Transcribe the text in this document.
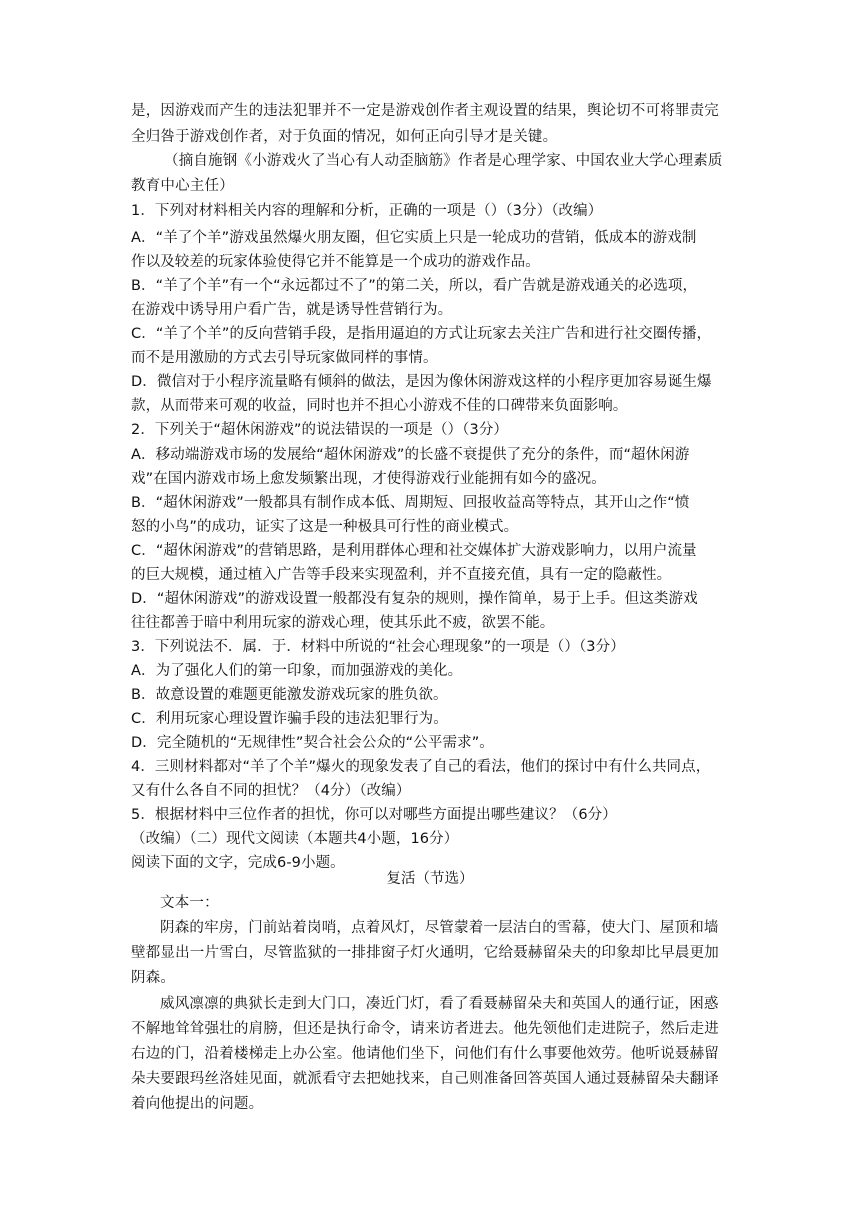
是，因游戏而产生的违法犯罪并不一定是游戏创作者主观设置的结果，舆论切不可将罪责完
全归咎于游戏创作者，对于负面的情况，如何正向引导才是关键。
（摘自施钢《小游戏火了当心有人动歪脑筋》作者是心理学家、中国农业大学心理素质
教育中心主任）
1．下列对材料相关内容的理解和分析，正确的一项是（）（3分）（改编）
A．“羊了个羊”游戏虽然爆火朋友圈，但它实质上只是一轮成功的营销，低成本的游戏制
作以及较差的玩家体验使得它并不能算是一个成功的游戏作品。
B．“羊了个羊”有一个“永远都过不了”的第二关，所以，看广告就是游戏通关的必选项，
在游戏中诱导用户看广告，就是诱导性营销行为。
C．“羊了个羊”的反向营销手段，是指用逼迫的方式让玩家去关注广告和进行社交圈传播，
而不是用激励的方式去引导玩家做同样的事情。
D．微信对于小程序流量略有倾斜的做法，是因为像休闲游戏这样的小程序更加容易诞生爆
款，从而带来可观的收益，同时也并不担心小游戏不佳的口碑带来负面影响。
2．下列关于“超休闲游戏”的说法错误的一项是（）（3分）
A．移动端游戏市场的发展给“超休闲游戏”的长盛不衰提供了充分的条件，而“超休闲游
戏”在国内游戏市场上愈发频繁出现，才使得游戏行业能拥有如今的盛况。
B．“超休闲游戏”一般都具有制作成本低、周期短、回报收益高等特点，其开山之作“愤
怒的小鸟”的成功，证实了这是一种极具可行性的商业模式。
C．“超休闲游戏”的营销思路，是利用群体心理和社交媒体扩大游戏影响力，以用户流量
的巨大规模，通过植入广告等手段来实现盈利，并不直接充值，具有一定的隐蔽性。
D．“超休闲游戏”的游戏设置一般都没有复杂的规则，操作简单，易于上手。但这类游戏
往往都善于暗中利用玩家的游戏心理，使其乐此不疲，欲罢不能。
3．下列说法不．属．于．材料中所说的“社会心理现象”的一项是（）（3分）
A．为了强化人们的第一印象，而加强游戏的美化。
B．故意设置的难题更能激发游戏玩家的胜负欲。
C．利用玩家心理设置诈骗手段的违法犯罪行为。
D．完全随机的“无规律性”契合社会公众的“公平需求”。
4．三则材料都对“羊了个羊”爆火的现象发表了自己的看法，他们的探讨中有什么共同点，
又有什么各自不同的担忧？（4分）（改编）
5．根据材料中三位作者的担忧，你可以对哪些方面提出哪些建议？（6分）
（改编）（二）现代文阅读（本题共4小题，16分）
阅读下面的文字，完成6-9小题。
复活（节选）
文本一：
阴森的牢房，门前站着岗哨，点着风灯，尽管蒙着一层洁白的雪幕，使大门、屋顶和墙
壁都显出一片雪白，尽管监狱的一排排窗子灯火通明，它给聂赫留朵夫的印象却比早晨更加
阴森。
威风凛凛的典狱长走到大门口，凑近门灯，看了看聂赫留朵夫和英国人的通行证，困惑
不解地耸耸强壮的肩膀，但还是执行命令，请来访者进去。他先领他们走进院子，然后走进
右边的门，沿着楼梯走上办公室。他请他们坐下，问他们有什么事要他效劳。他听说聂赫留
朵夫要跟玛丝洛娃见面，就派看守去把她找来，自己则准备回答英国人通过聂赫留朵夫翻译
着向他提出的问题。
